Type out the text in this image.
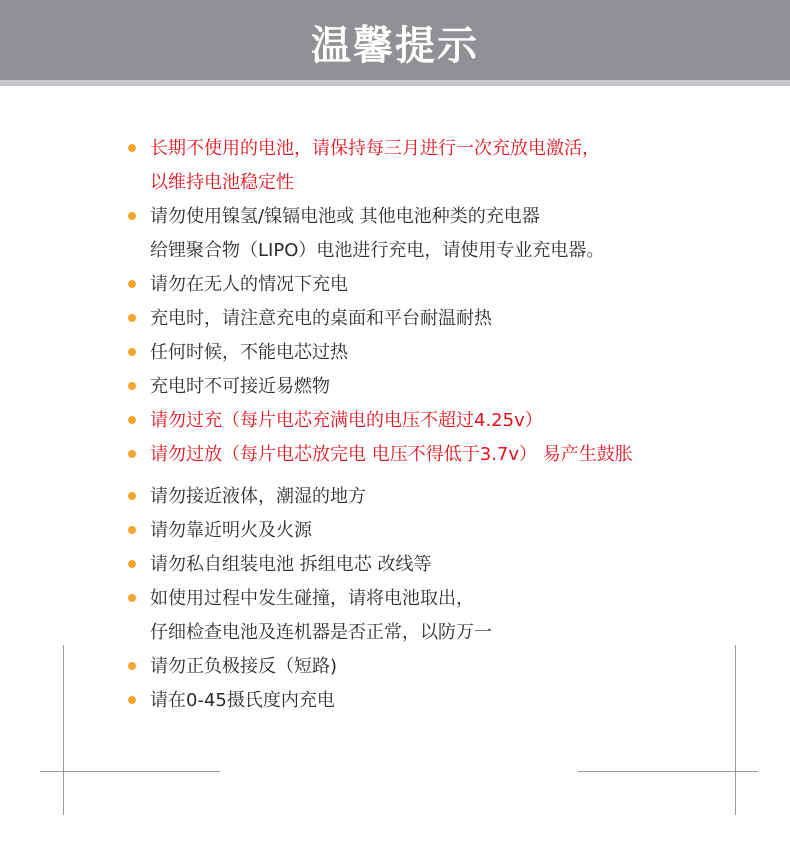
温馨提示
长期不使用的电池，请保持每三月进行一次充放电激活，
以维持电池稳定性
请勿使用镍氢/镍镉电池或 其他电池种类的充电器
给锂聚合物（LIPO）电池进行充电，请使用专业充电器。
请勿在无人的情况下充电
充电时，请注意充电的桌面和平台耐温耐热
任何时候，不能电芯过热
充电时不可接近易燃物
请勿过充（每片电芯充满电的电压不超过4.25v）
请勿过放（每片电芯放完电 电压不得低于3.7v） 易产生鼓胀
请勿接近液体，潮湿的地方
请勿靠近明火及火源
请勿私自组装电池 拆组电芯 改线等
如使用过程中发生碰撞，请将电池取出，
仔细检查电池及连机器是否正常，以防万一
请勿正负极接反（短路)
请在0-45摄氏度内充电
